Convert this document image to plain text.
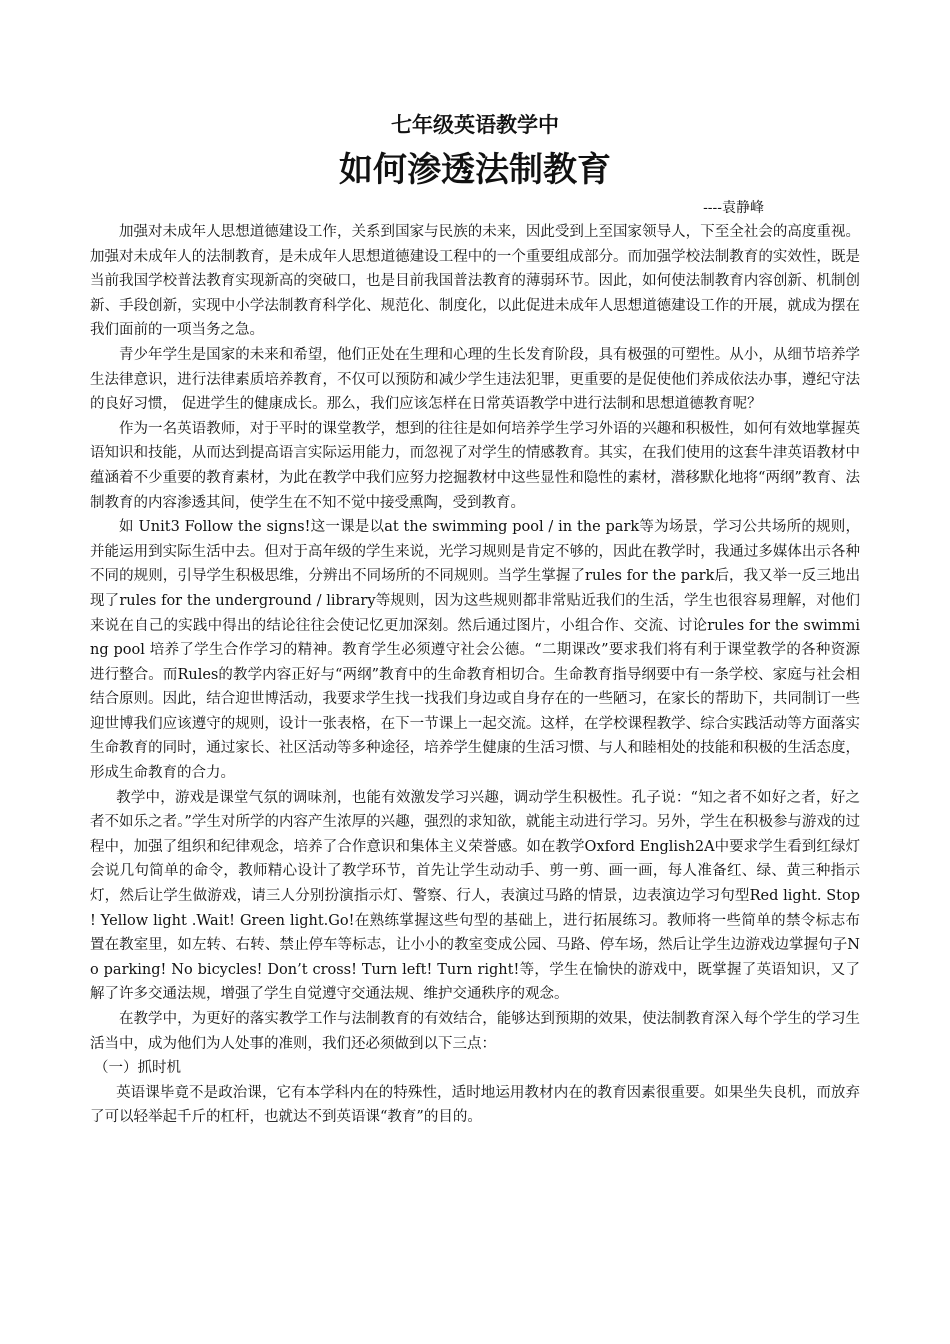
七年级英语教学中
如何渗透法制教育
----袁静峰

加强对未成年人思想道德建设工作，关系到国家与民族的未来，因此受到上至国家领导人，下至全社会的高度重视。加强对未成年人的法制教育，是未成年人思想道德建设工程中的一个重要组成部分。而加强学校法制教育的实效性，既是当前我国学校普法教育实现新高的突破口，也是目前我国普法教育的薄弱环节。因此，如何使法制教育内容创新、机制创新、手段创新，实现中小学法制教育科学化、规范化、制度化，以此促进未成年人思想道德建设工作的开展，就成为摆在我们面前的一项当务之急。

青少年学生是国家的未来和希望，他们正处在生理和心理的生长发育阶段，具有极强的可塑性。从小，从细节培养学生法律意识，进行法律素质培养教育，不仅可以预防和减少学生违法犯罪，更重要的是促使他们养成依法办事，遵纪守法的良好习惯， 促进学生的健康成长。那么，我们应该怎样在日常英语教学中进行法制和思想道德教育呢？

作为一名英语教师，对于平时的课堂教学，想到的往往是如何培养学生学习外语的兴趣和积极性，如何有效地掌握英语知识和技能，从而达到提高语言实际运用能力，而忽视了对学生的情感教育。其实，在我们使用的这套牛津英语教材中蕴涵着不少重要的教育素材，为此在教学中我们应努力挖掘教材中这些显性和隐性的素材，潜移默化地将“两纲”教育、法制教育的内容渗透其间，使学生在不知不觉中接受熏陶，受到教育。

如 Unit3 Follow the signs!这一课是以at the swimming pool / in the park等为场景，学习公共场所的规则，并能运用到实际生活中去。但对于高年级的学生来说，光学习规则是肯定不够的，因此在教学时，我通过多媒体出示各种不同的规则，引导学生积极思维，分辨出不同场所的不同规则。当学生掌握了rules for the park后，我又举一反三地出现了rules for the underground / library等规则，因为这些规则都非常贴近我们的生活，学生也很容易理解，对他们来说在自己的实践中得出的结论往往会使记忆更加深刻。然后通过图片，小组合作、交流、讨论rules for the swimming pool 培养了学生合作学习的精神。教育学生必须遵守社会公德。“二期课改”要求我们将有利于课堂教学的各种资源进行整合。而Rules的教学内容正好与“两纲”教育中的生命教育相切合。生命教育指导纲要中有一条学校、家庭与社会相结合原则。因此，结合迎世博活动，我要求学生找一找我们身边或自身存在的一些陋习，在家长的帮助下，共同制订一些迎世博我们应该遵守的规则，设计一张表格，在下一节课上一起交流。这样，在学校课程教学、综合实践活动等方面落实生命教育的同时，通过家长、社区活动等多种途径，培养学生健康的生活习惯、与人和睦相处的技能和积极的生活态度， 形成生命教育的合力。

教学中，游戏是课堂气氛的调味剂，也能有效激发学习兴趣，调动学生积极性。孔子说：“知之者不如好之者，好之者不如乐之者。”学生对所学的内容产生浓厚的兴趣，强烈的求知欲，就能主动进行学习。另外，学生在积极参与游戏的过程中，加强了组织和纪律观念，培养了合作意识和集体主义荣誉感。如在教学Oxford English2A中要求学生看到红绿灯会说几句简单的命令，教师精心设计了教学环节，首先让学生动动手、剪一剪、画一画，每人准备红、绿、黄三种指示灯，然后让学生做游戏，请三人分别扮演指示灯、警察、行人，表演过马路的情景，边表演边学习句型Red light. Stop ! Yellow light .Wait! Green light.Go!在熟练掌握这些句型的基础上，进行拓展练习。教师将一些简单的禁令标志布置在教室里，如左转、右转、禁止停车等标志，让小小的教室变成公园、马路、停车场，然后让学生边游戏边掌握句子No parking! No bicycles! Don’t cross! Turn left! Turn right!等，学生在愉快的游戏中，既掌握了英语知识，又了解了许多交通法规，增强了学生自觉遵守交通法规、维护交通秩序的观念。

在教学中，为更好的落实教学工作与法制教育的有效结合，能够达到预期的效果，使法制教育深入每个学生的学习生活当中，成为他们为人处事的准则，我们还必须做到以下三点：

（一）抓时机

英语课毕竟不是政治课，它有本学科内在的特殊性，适时地运用教材内在的教育因素很重要。如果坐失良机，而放弃了可以轻举起千斤的杠杆，也就达不到英语课“教育”的目的。
